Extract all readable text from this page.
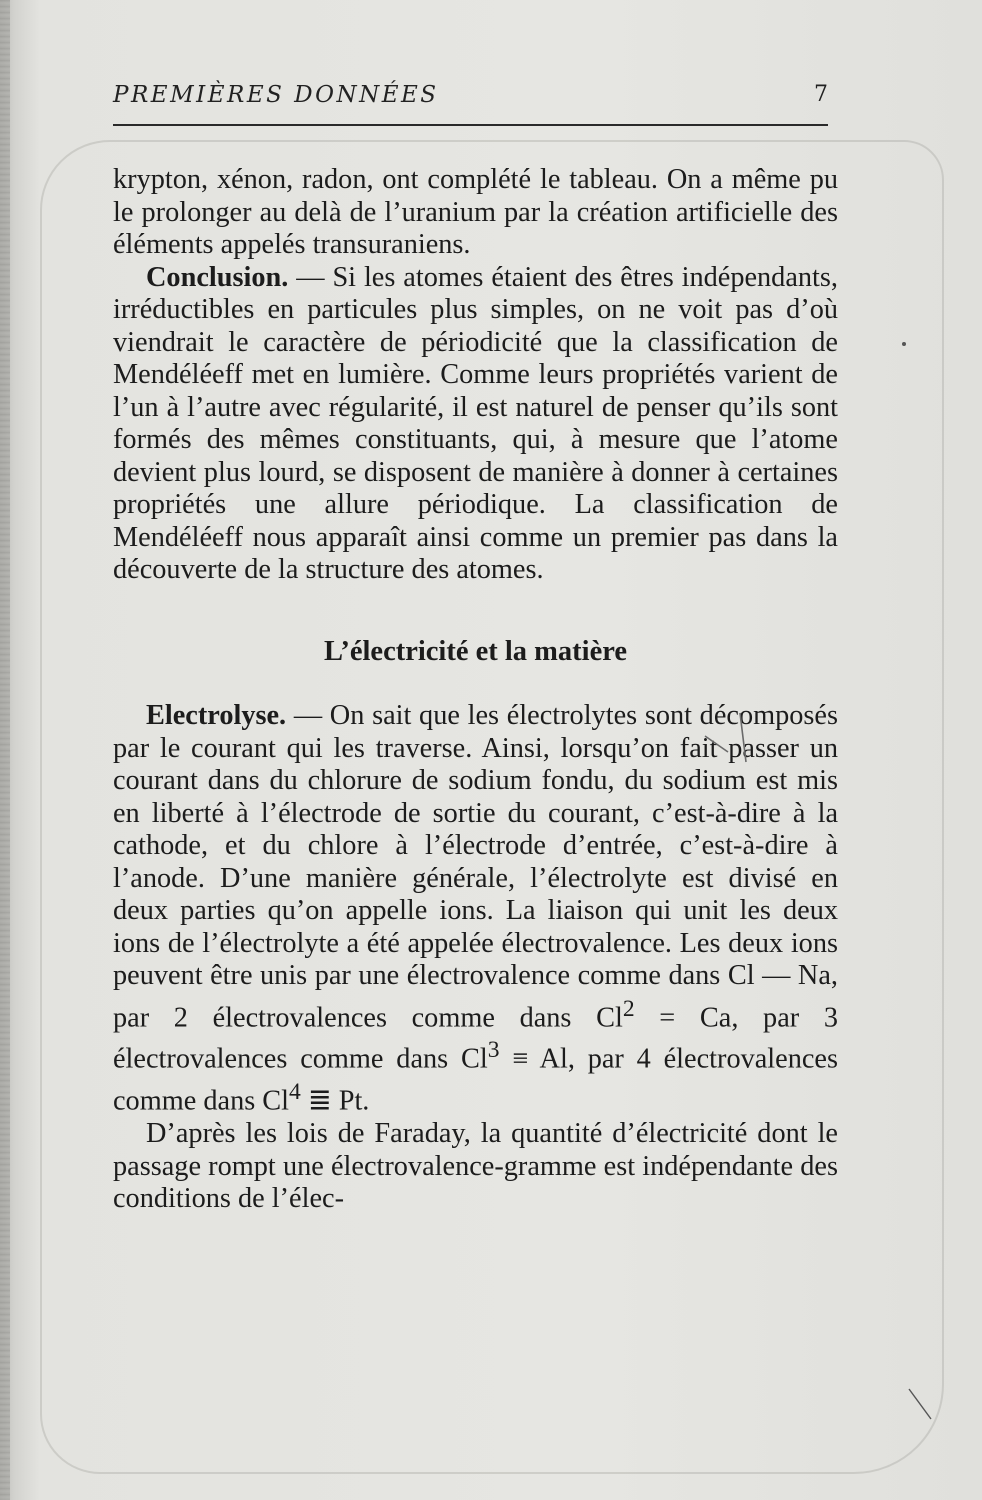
PREMIÈRES DONNÉES	7

krypton, xénon, radon, ont complété le tableau. On a même pu le prolonger au delà de l’uranium par la création artificielle des éléments appelés transuraniens.

Conclusion. — Si les atomes étaient des êtres indépendants, irréductibles en particules plus simples, on ne voit pas d’où viendrait le caractère de périodicité que la classification de Mendéléeff met en lumière. Comme leurs propriétés varient de l’un à l’autre avec régularité, il est naturel de penser qu’ils sont formés des mêmes constituants, qui, à mesure que l’atome devient plus lourd, se disposent de manière à donner à certaines propriétés une allure périodique. La classification de Mendéléeff nous apparaît ainsi comme un premier pas dans la découverte de la structure des atomes.

L’électricité et la matière

Electrolyse. — On sait que les électrolytes sont décomposés par le courant qui les traverse. Ainsi, lorsqu’on fait passer un courant dans du chlorure de sodium fondu, du sodium est mis en liberté à l’électrode de sortie du courant, c’est-à-dire à la cathode, et du chlore à l’électrode d’entrée, c’est-à-dire à l’anode. D’une manière générale, l’électrolyte est divisé en deux parties qu’on appelle ions. La liaison qui unit les deux ions de l’électrolyte a été appelée électrovalence. Les deux ions peuvent être unis par une électrovalence comme dans Cl — Na, par 2 électrovalences comme dans $Cl^2 = Ca$, par 3 électrovalences comme dans $Cl^3 \equiv Al$, par 4 électrovalences comme dans Cl$^4$ ≣ Pt.

D’après les lois de Faraday, la quantité d’électricité dont le passage rompt une électrovalence-gramme est indépendante des conditions de l’élec-
